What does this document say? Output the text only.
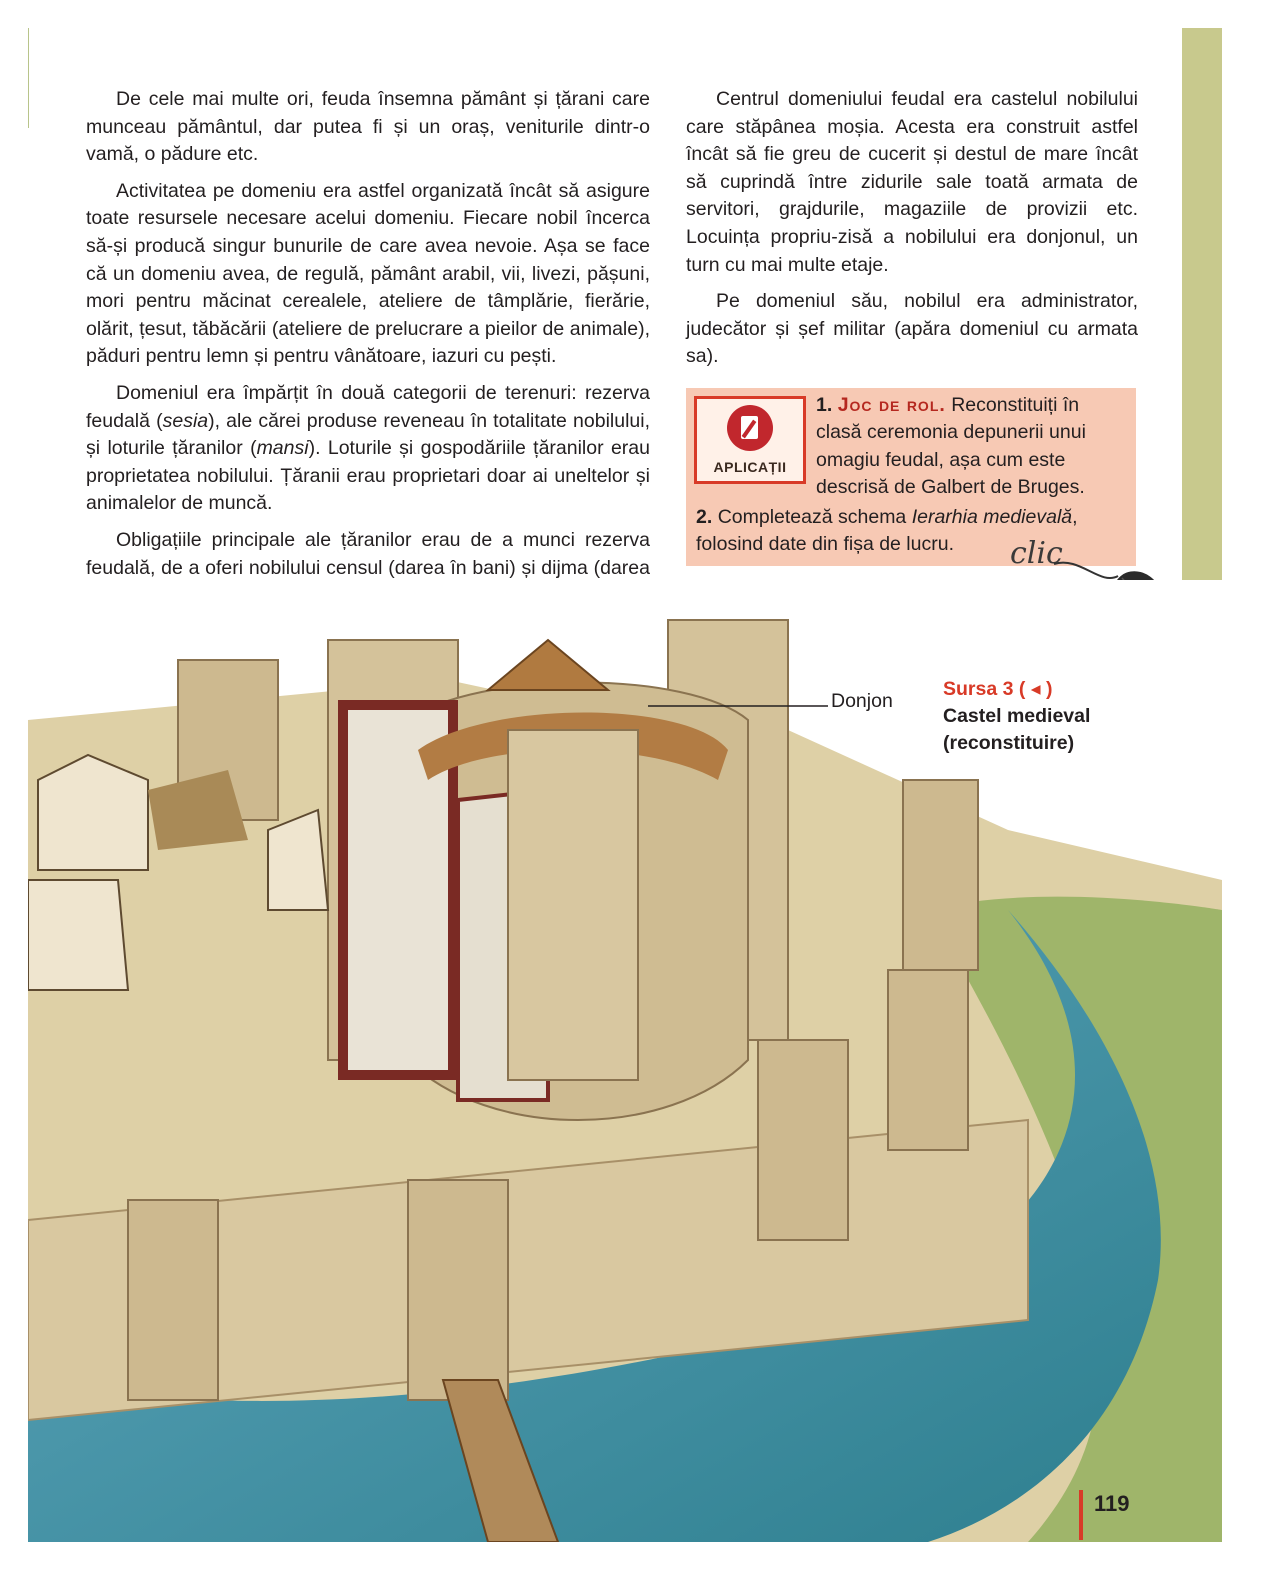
De cele mai multe ori, feuda însemna pământ și țărani care munceau pământul, dar putea fi și un oraș, veniturile dintr-o vamă, o pădure etc.

Activitatea pe domeniu era astfel organizată încât să asigure toate resursele necesare acelui domeniu. Fiecare nobil încerca să-și producă singur bunurile de care avea nevoie. Așa se face că un domeniu avea, de regulă, pământ arabil, vii, livezi, pășuni, mori pentru măcinat cerealele, ateliere de tâmplărie, fierărie, olărit, țesut, tăbăcării (ateliere de prelucrare a pieilor de animale), păduri pentru lemn și pentru vânătoare, iazuri cu pești.

Domeniul era împărțit în două categorii de terenuri: rezerva feudală (sesia), ale cărei produse reveneau în totalitate nobilului, și loturile țăranilor (mansi). Loturile și gospodăriile țăranilor erau proprietatea nobilului. Țăranii erau proprietari doar ai uneltelor și animalelor de muncă.

Obligațiile principale ale țăranilor erau de a munci rezerva feudală, de a oferi nobilului censul (darea în bani) și dijma (darea

Centrul domeniului feudal era castelul nobilului care stăpânea moșia. Acesta era construit astfel încât să fie greu de cucerit și destul de mare încât să cuprindă între zidurile sale toată armata de servitori, grajdurile, magaziile de provizii etc. Locuința propriu-zisă a nobilului era donjonul, un turn cu mai multe etaje.

Pe domeniul său, nobilul era administrator, judecător și șef militar (apăra domeniul cu armata sa).

APLICAȚII
1. Joc de rol. Reconstituiți în clasă ceremonia depunerii unui omagiu feudal, așa cum este descrisă de Galbert de Bruges.
2. Completează schema Ierarhia medievală, folosind date din fișa de lucru.	clic
Donjon
Sursa 3 ( ◂ )
Castel medieval
(reconstituire)
119
